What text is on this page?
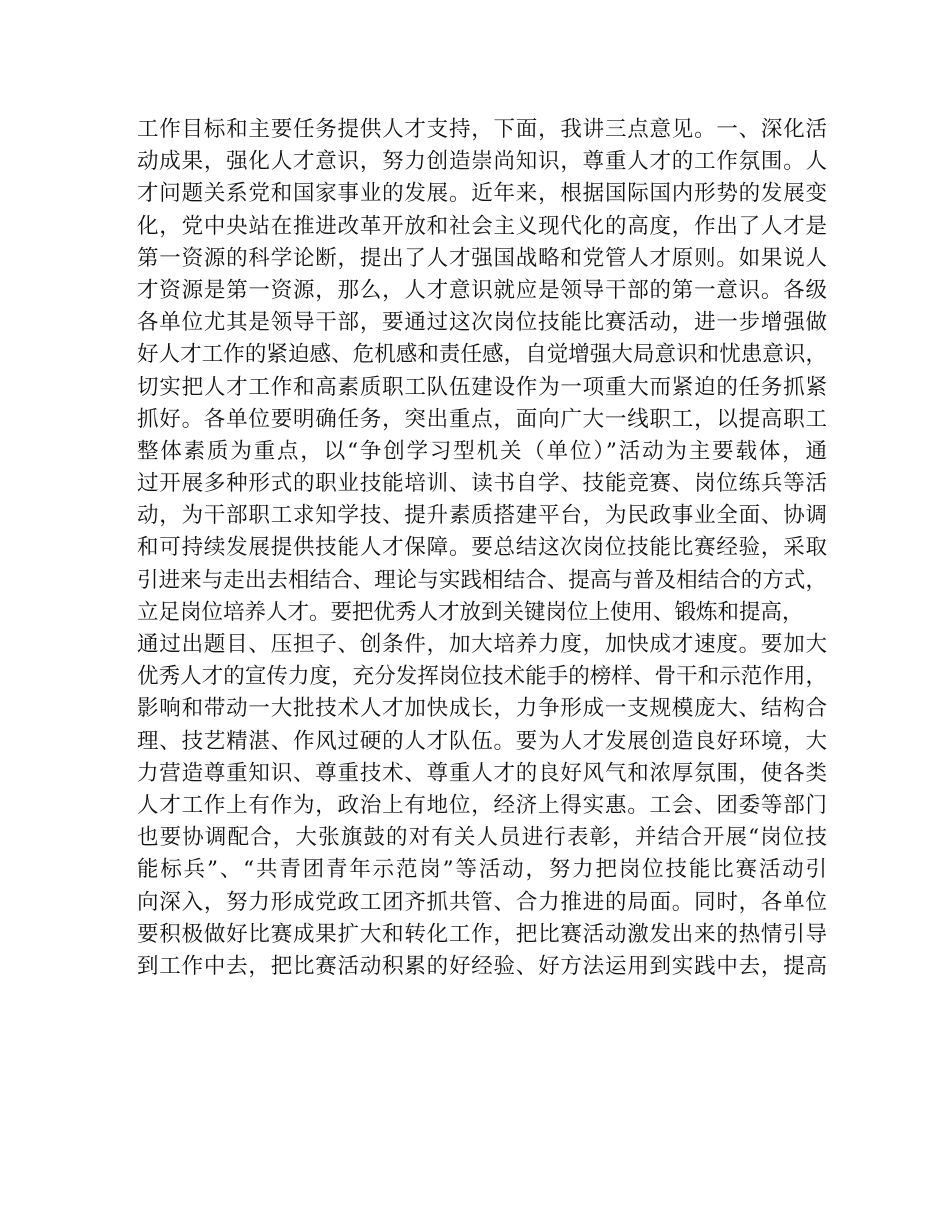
工作目标和主要任务提供人才支持，下面，我讲三点意见。一、深化活
动成果，强化人才意识，努力创造崇尚知识，尊重人才的工作氛围。人
才问题关系党和国家事业的发展。近年来，根据国际国内形势的发展变
化，党中央站在推进改革开放和社会主义现代化的高度，作出了人才是
第一资源的科学论断，提出了人才强国战略和党管人才原则。如果说人
才资源是第一资源，那么，人才意识就应是领导干部的第一意识。各级
各单位尤其是领导干部，要通过这次岗位技能比赛活动，进一步增强做
好人才工作的紧迫感、危机感和责任感，自觉增强大局意识和忧患意识，
切实把人才工作和高素质职工队伍建设作为一项重大而紧迫的任务抓紧
抓好。各单位要明确任务，突出重点，面向广大一线职工，以提高职工
整体素质为重点，以“争创学习型机关（单位）”活动为主要载体，通
过开展多种形式的职业技能培训、读书自学、技能竞赛、岗位练兵等活
动，为干部职工求知学技、提升素质搭建平台，为民政事业全面、协调
和可持续发展提供技能人才保障。要总结这次岗位技能比赛经验，采取
引进来与走出去相结合、理论与实践相结合、提高与普及相结合的方式，
立足岗位培养人才。要把优秀人才放到关键岗位上使用、锻炼和提高，
通过出题目、压担子、创条件，加大培养力度，加快成才速度。要加大
优秀人才的宣传力度，充分发挥岗位技术能手的榜样、骨干和示范作用，
影响和带动一大批技术人才加快成长，力争形成一支规模庞大、结构合
理、技艺精湛、作风过硬的人才队伍。要为人才发展创造良好环境，大
力营造尊重知识、尊重技术、尊重人才的良好风气和浓厚氛围，使各类
人才工作上有作为，政治上有地位，经济上得实惠。工会、团委等部门
也要协调配合，大张旗鼓的对有关人员进行表彰，并结合开展“岗位技
能标兵”、“共青团青年示范岗”等活动，努力把岗位技能比赛活动引
向深入，努力形成党政工团齐抓共管、合力推进的局面。同时，各单位
要积极做好比赛成果扩大和转化工作，把比赛活动激发出来的热情引导
到工作中去，把比赛活动积累的好经验、好方法运用到实践中去，提高
